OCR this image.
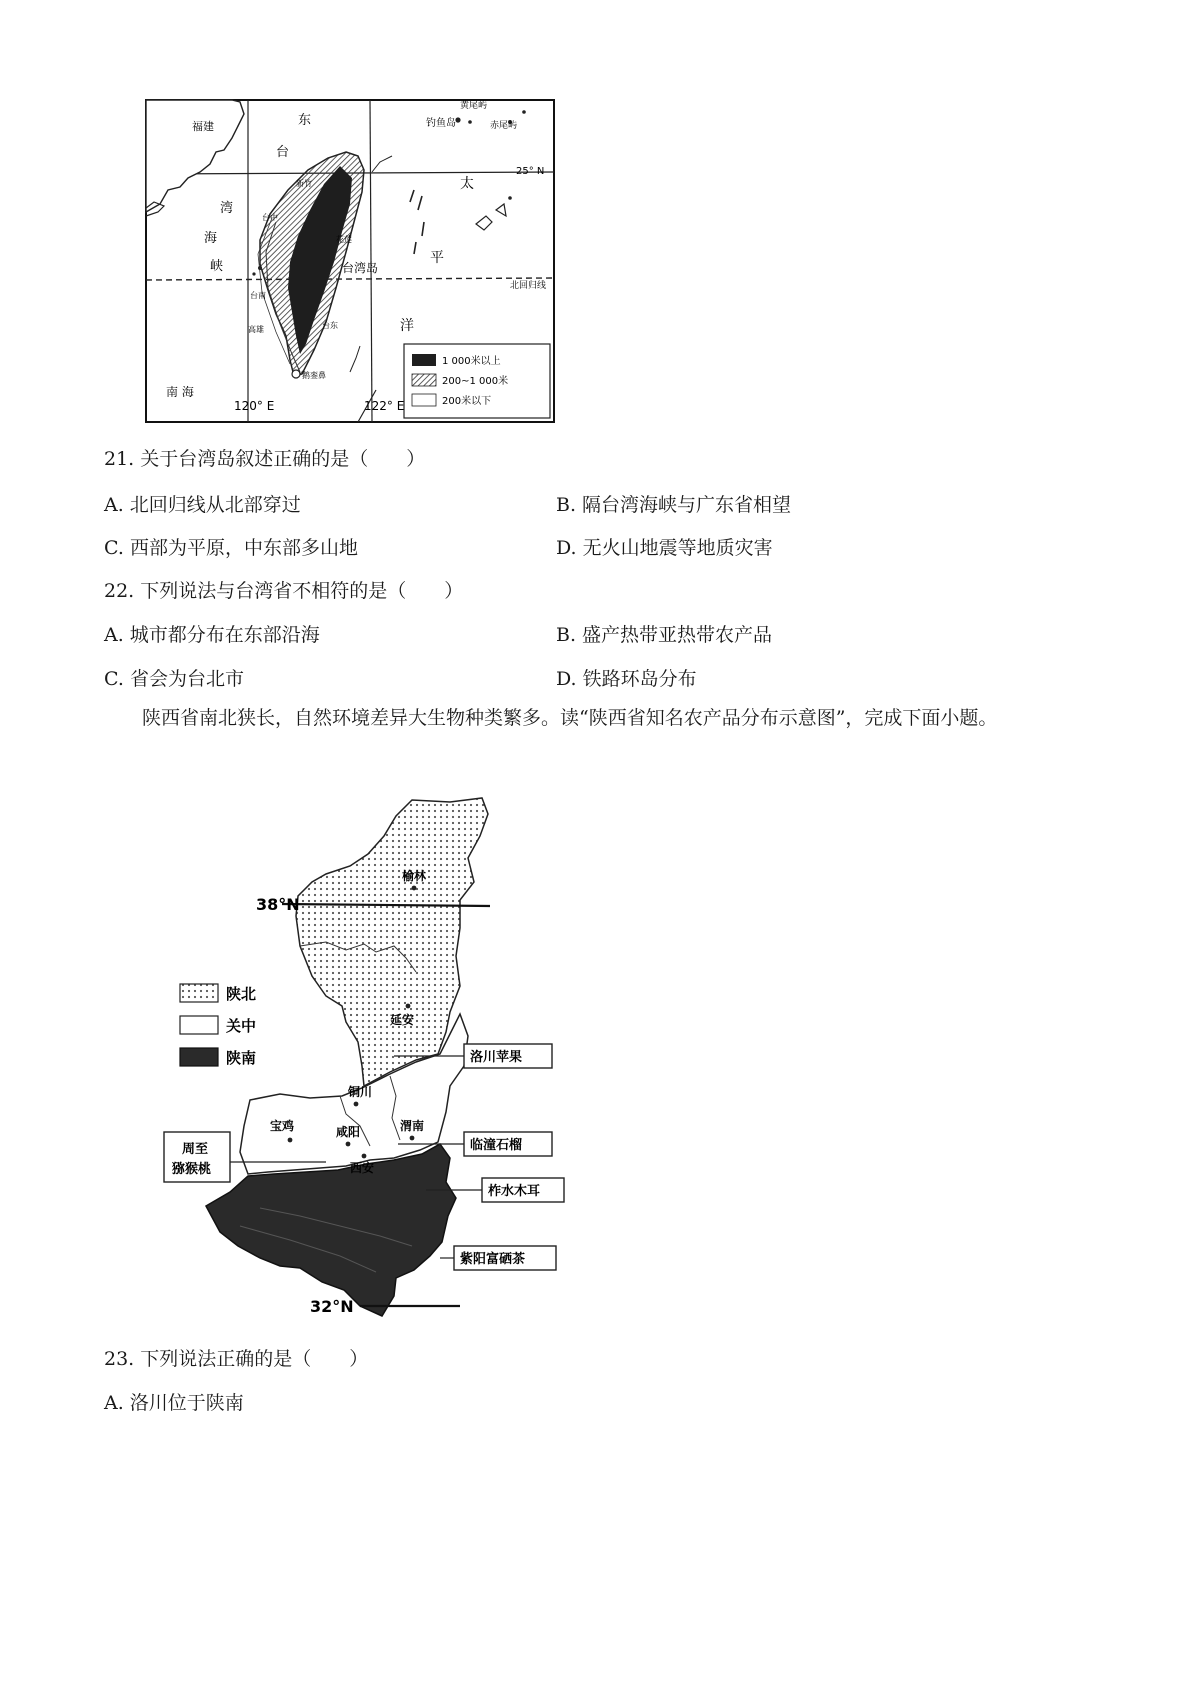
福建	东
台
湾
海
峡
钓鱼岛
黄尾屿
赤尾屿
25° N
北回归线
太
平
洋
台湾岛
南 海
120° E	122° E
新竹
台中
花莲
台南
高雄	台东
鹅銮鼻
1 000米以上
200~1 000米
200米以下
21. 关于台湾岛叙述正确的是（　　）
A. 北回归线从北部穿过	B. 隔台湾海峡与广东省相望
C. 西部为平原，中东部多山地	D. 无火山地震等地质灾害
22. 下列说法与台湾省不相符的是（　　）
A. 城市都分布在东部沿海	B. 盛产热带亚热带农产品
C. 省会为台北市	D. 铁路环岛分布
陕西省南北狭长，自然环境差异大生物种类繁多。读“陕西省知名农产品分布示意图”，完成下面小题。
38°N
32°N
榆林
延安
铜川
宝鸡	咸阳	渭南
西安
陕北
关中
陕南	洛川苹果
临潼石榴
柞水木耳
紫阳富硒茶
周至
猕猴桃
23. 下列说法正确的是（　　）
A. 洛川位于陕南
